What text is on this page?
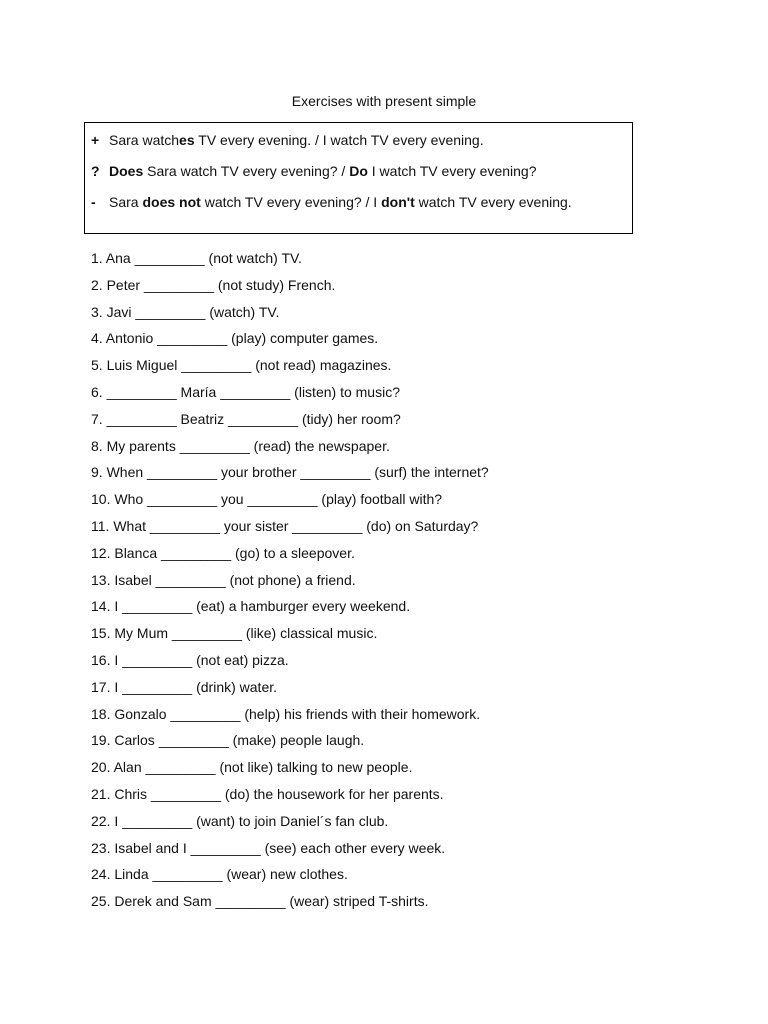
Exercises with present simple
+ Sara watches TV every evening. / I watch TV every evening.
? Does Sara watch TV every evening? / Do I watch TV every evening?
- Sara does not watch TV every evening? / I don't watch TV every evening.
1. Ana _________ (not watch) TV.
2. Peter _________ (not study) French.
3. Javi _________ (watch) TV.
4. Antonio _________ (play) computer games.
5. Luis Miguel _________ (not read) magazines.
6. _________ María _________ (listen) to music?
7. _________ Beatriz _________ (tidy) her room?
8. My parents _________ (read) the newspaper.
9. When _________ your brother _________ (surf) the internet?
10. Who _________ you _________ (play) football with?
11. What _________ your sister _________ (do) on Saturday?
12. Blanca _________ (go) to a sleepover.
13. Isabel _________ (not phone) a friend.
14. I _________ (eat) a hamburger every weekend.
15. My Mum _________ (like) classical music.
16. I _________ (not eat) pizza.
17. I _________ (drink) water.
18. Gonzalo _________ (help) his friends with their homework.
19. Carlos _________ (make) people laugh.
20. Alan _________ (not like) talking to new people.
21. Chris _________ (do) the housework for her parents.
22. I _________ (want) to join Daniel´s fan club.
23. Isabel and I _________ (see) each other every week.
24. Linda _________ (wear) new clothes.
25. Derek and Sam _________ (wear) striped T-shirts.
